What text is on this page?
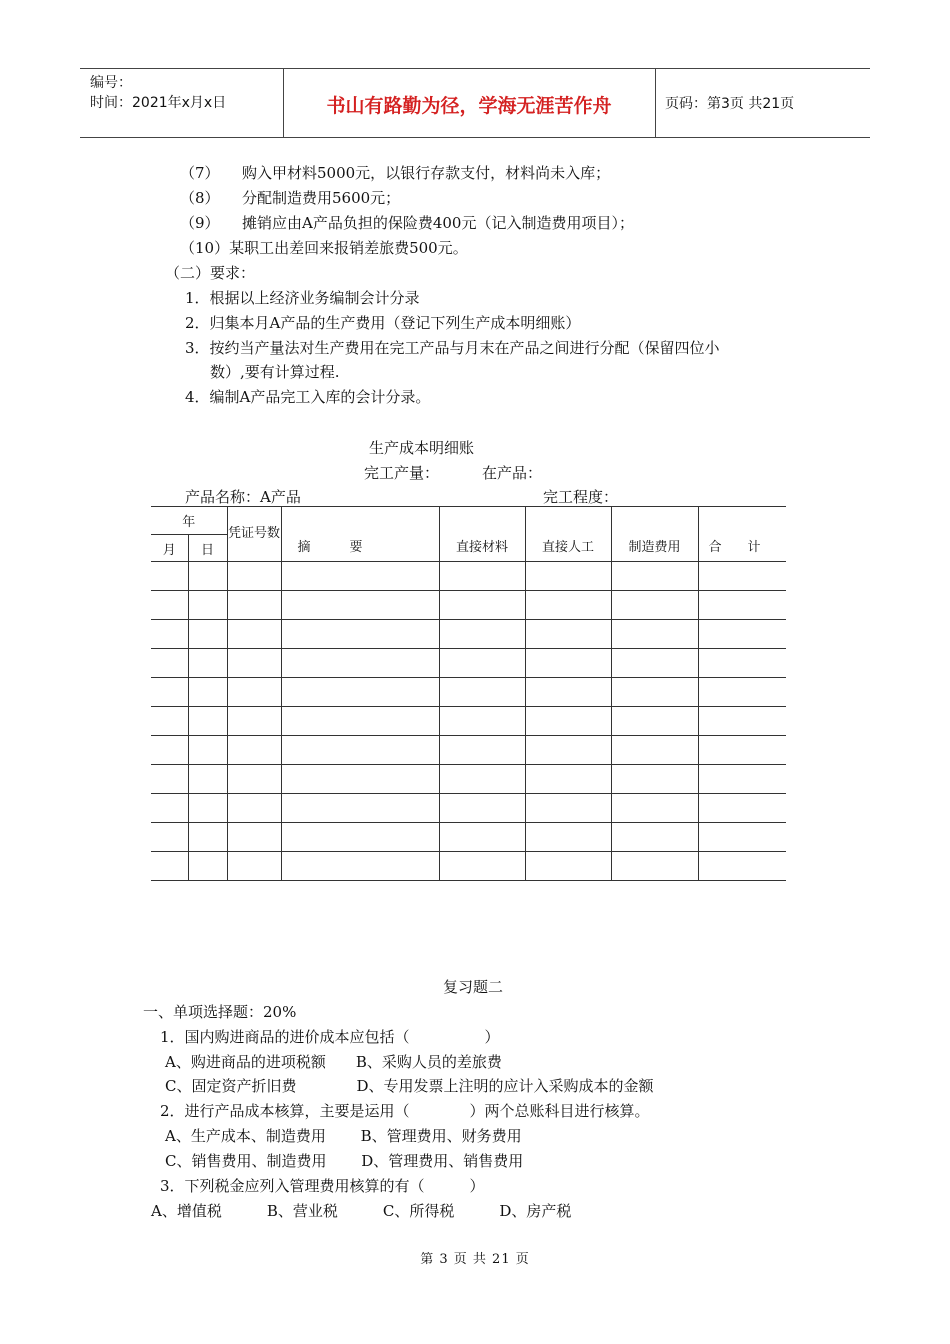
编号：
时间：2021年x月x日	书山有路勤为径，学海无涯苦作舟	页码：第3页 共21页
（7） 购入甲材料5000元，以银行存款支付，材料尚未入库；
（8） 分配制造费用5600元；
（9） 摊销应由A产品负担的保险费400元（记入制造费用项目）；
（10）某职工出差回来报销差旅费500元。
（二）要求：
1．根据以上经济业务编制会计分录
2．归集本月A产品的生产费用（登记下列生产成本明细账）
3．按约当产量法对生产费用在完工产品与月末在产品之间进行分配（保留四位小
数）,要有计算过程.
4．编制A产品完工入库的会计分录。
生产成本明细账
完工产量：	在产品：
产品名称：A产品	完工程度：
年		凭证号数	摘　　　要	直接材料	直接人工	制造费用	合　　计
月	日						

复习题二
一、单项选择题：20%
1．国内购进商品的进价成本应包括（　　　　　）
A、购进商品的进项税额　　B、采购人员的差旅费
C、固定资产折旧费　　　　D、专用发票上注明的应计入采购成本的金额
2．进行产品成本核算，主要是运用（　　　　）两个总账科目进行核算。
A、生产成本、制造费用　　 B、管理费用、财务费用
C、销售费用、制造费用　　 D、管理费用、销售费用
3．下列税金应列入管理费用核算的有（　　　）
A、增值税　　　B、营业税　　　C、所得税　　　D、房产税
第 3 页 共 21 页
